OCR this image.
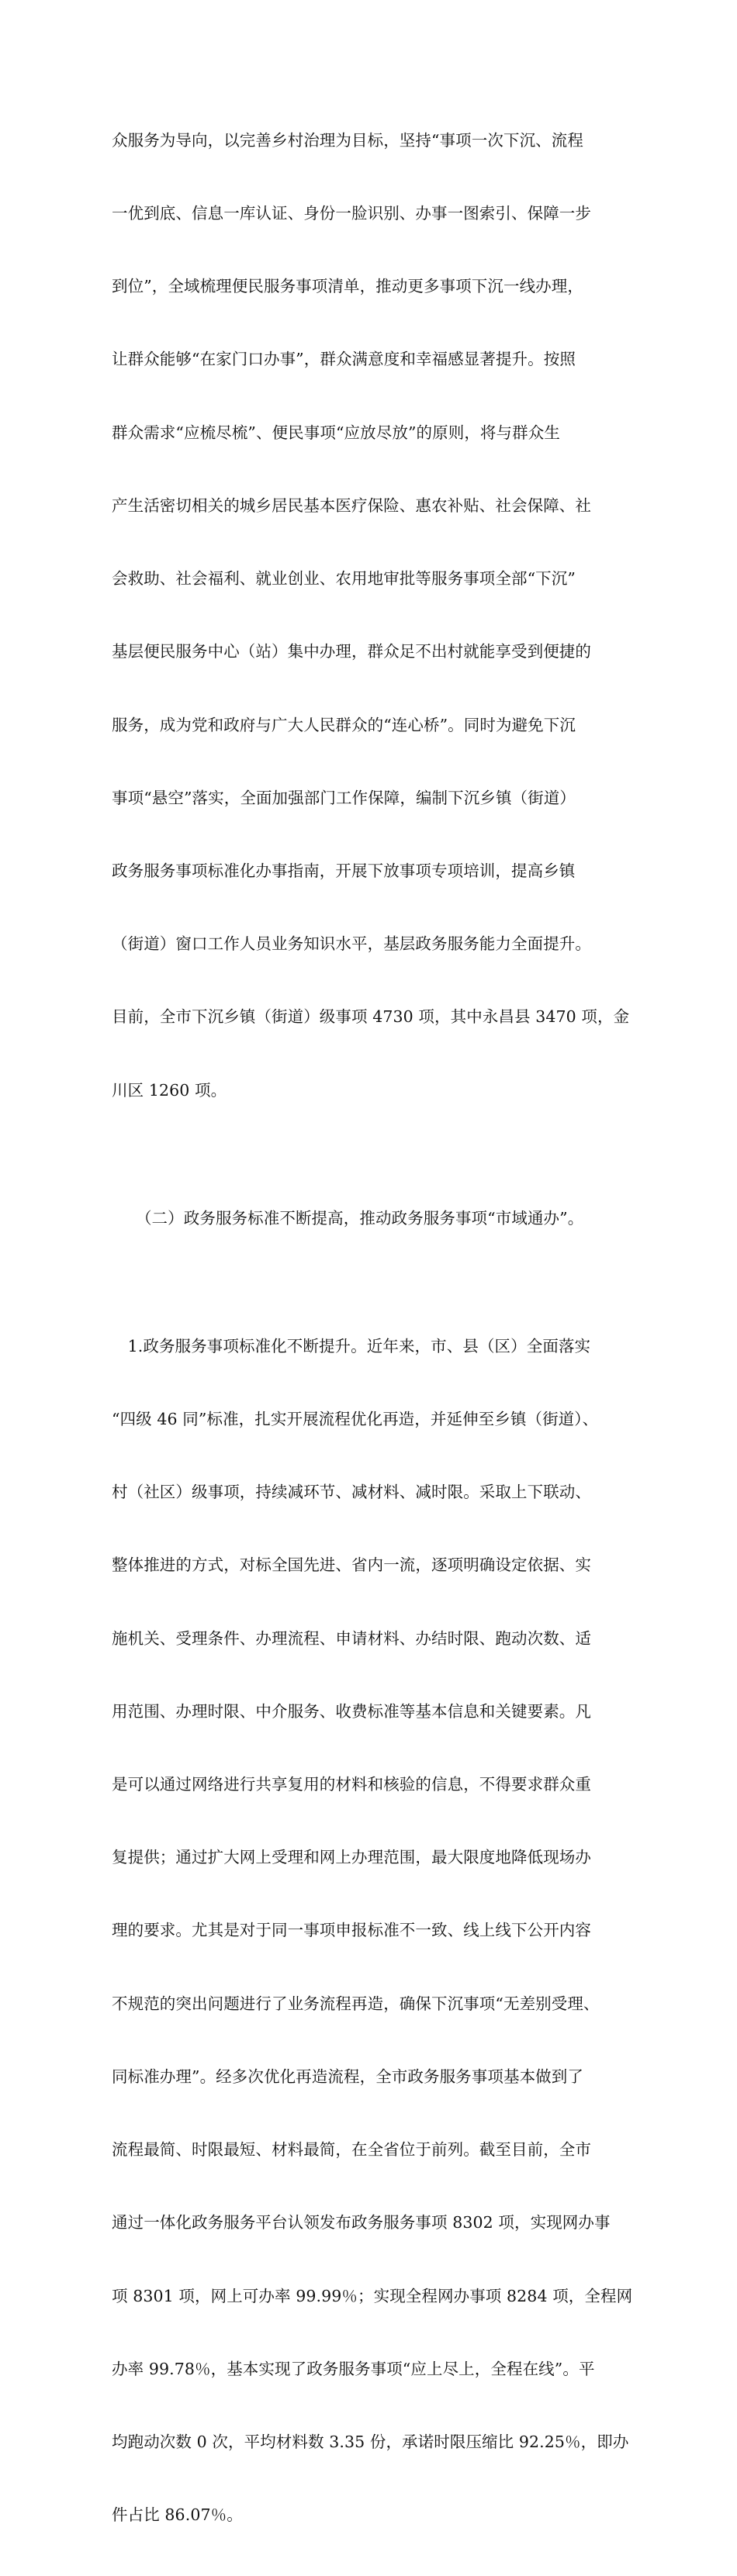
众服务为导向，以完善乡村治理为目标，坚持“事项一次下沉、流程

一优到底、信息一库认证、身份一脸识别、办事一图索引、保障一步

到位”，全域梳理便民服务事项清单，推动更多事项下沉一线办理，

让群众能够“在家门口办事”，群众满意度和幸福感显著提升。按照

群众需求“应梳尽梳”、便民事项“应放尽放”的原则，将与群众生

产生活密切相关的城乡居民基本医疗保险、惠农补贴、社会保障、社

会救助、社会福利、就业创业、农用地审批等服务事项全部“下沉”

基层便民服务中心（站）集中办理，群众足不出村就能享受到便捷的

服务，成为党和政府与广大人民群众的“连心桥”。同时为避免下沉

事项“悬空”落实，全面加强部门工作保障，编制下沉乡镇（街道）

政务服务事项标准化办事指南，开展下放事项专项培训，提高乡镇

（街道）窗口工作人员业务知识水平，基层政务服务能力全面提升。

目前，全市下沉乡镇（街道）级事项 4730 项，其中永昌县 3470 项，金

川区 1260 项。

　　（二）政务服务标准不断提高，推动政务服务事项“市域通办”。

　1.政务服务事项标准化不断提升。近年来，市、县（区）全面落实

“四级 46 同”标准，扎实开展流程优化再造，并延伸至乡镇（街道）、

村（社区）级事项，持续减环节、减材料、减时限。采取上下联动、

整体推进的方式，对标全国先进、省内一流，逐项明确设定依据、实

施机关、受理条件、办理流程、申请材料、办结时限、跑动次数、适

用范围、办理时限、中介服务、收费标准等基本信息和关键要素。凡

是可以通过网络进行共享复用的材料和核验的信息，不得要求群众重

复提供；通过扩大网上受理和网上办理范围，最大限度地降低现场办

理的要求。尤其是对于同一事项申报标准不一致、线上线下公开内容

不规范的突出问题进行了业务流程再造，确保下沉事项“无差别受理、

同标准办理”。经多次优化再造流程，全市政务服务事项基本做到了

流程最简、时限最短、材料最简，在全省位于前列。截至目前，全市

通过一体化政务服务平台认领发布政务服务事项 8302 项，实现网办事

项 8301 项，网上可办率 99.99％；实现全程网办事项 8284 项，全程网

办率 99.78％，基本实现了政务服务事项“应上尽上，全程在线”。平

均跑动次数 0 次，平均材料数 3.35 份，承诺时限压缩比 92.25％，即办

件占比 86.07％。
